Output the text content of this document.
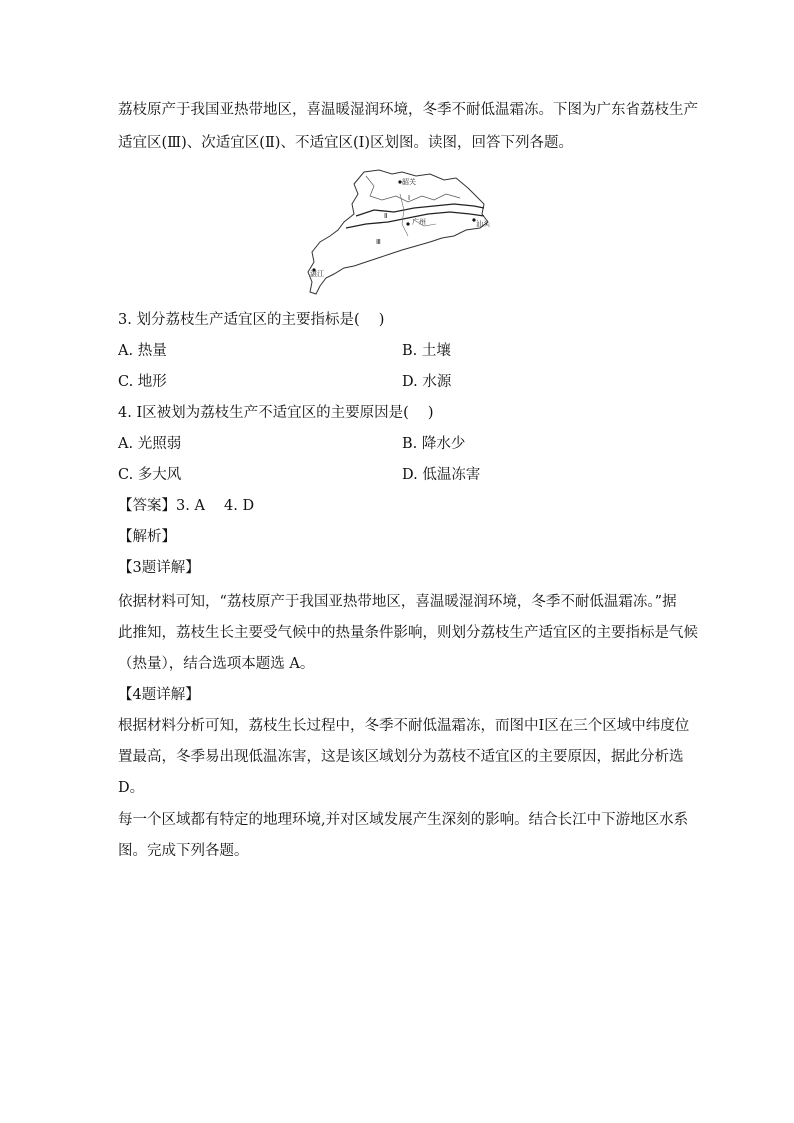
荔枝原产于我国亚热带地区，喜温暖湿润环境，冬季不耐低温霜冻。下图为广东省荔枝生产
适宜区(Ⅲ)、次适宜区(Ⅱ)、不适宜区(Ⅰ)区划图。读图，回答下列各题。
韶关
广州	汕头
湛江
Ⅰ
Ⅱ
Ⅲ
3. 划分荔枝生产适宜区的主要指标是(　 )
A. 热量	B. 土壤
C. 地形	D. 水源
4. Ⅰ区被划为荔枝生产不适宜区的主要原因是(　 )
A. 光照弱	B. 降水少
C. 多大风	D. 低温冻害
【答案】3. A　 4. D
【解析】
【3题详解】
依据材料可知，“荔枝原产于我国亚热带地区，喜温暖湿润环境，冬季不耐低温霜冻。”据
此推知，荔枝生长主要受气候中的热量条件影响，则划分荔枝生产适宜区的主要指标是气候
（热量），结合选项本题选 A。
【4题详解】
根据材料分析可知，荔枝生长过程中，冬季不耐低温霜冻，而图中Ⅰ区在三个区域中纬度位
置最高，冬季易出现低温冻害，这是该区域划分为荔枝不适宜区的主要原因，据此分析选
D。
每一个区域都有特定的地理环境,并对区域发展产生深刻的影响。结合长江中下游地区水系
图。完成下列各题。
